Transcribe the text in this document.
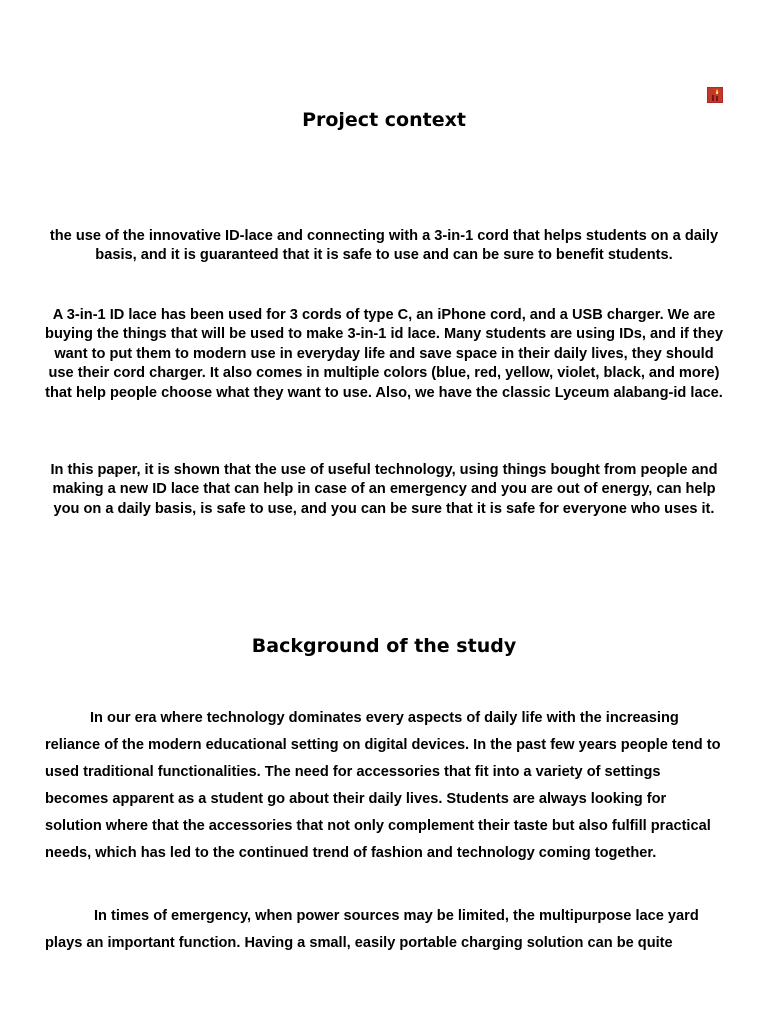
Project context

the use of the innovative ID-lace and connecting with a 3-in-1 cord that helps students on a daily basis, and it is guaranteed that it is safe to use and can be sure to benefit students.

A 3-in-1 ID lace has been used for 3 cords of type C, an iPhone cord, and a USB charger. We are buying the things that will be used to make 3-in-1 id lace. Many students are using IDs, and if they want to put them to modern use in everyday life and save space in their daily lives, they should use their cord charger. It also comes in multiple colors (blue, red, yellow, violet, black, and more) that help people choose what they want to use. Also, we have the classic Lyceum alabang-id lace.

In this paper, it is shown that the use of useful technology, using things bought from people and making a new ID lace that can help in case of an emergency and you are out of energy, can help you on a daily basis, is safe to use, and you can be sure that it is safe for everyone who uses it.

Background of the study

In our era where technology dominates every aspects of daily life with the increasing reliance of the modern educational setting on digital devices. In the past few years people tend to used traditional functionalities. The need for accessories that fit into a variety of settings becomes apparent as a student go about their daily lives. Students are always looking for solution where that the accessories that not only complement their taste but also fulfill practical needs, which has led to the continued trend of fashion and technology coming together.

In times of emergency, when power sources may be limited, the multipurpose lace yard plays an important function. Having a small, easily portable charging solution can be quite
